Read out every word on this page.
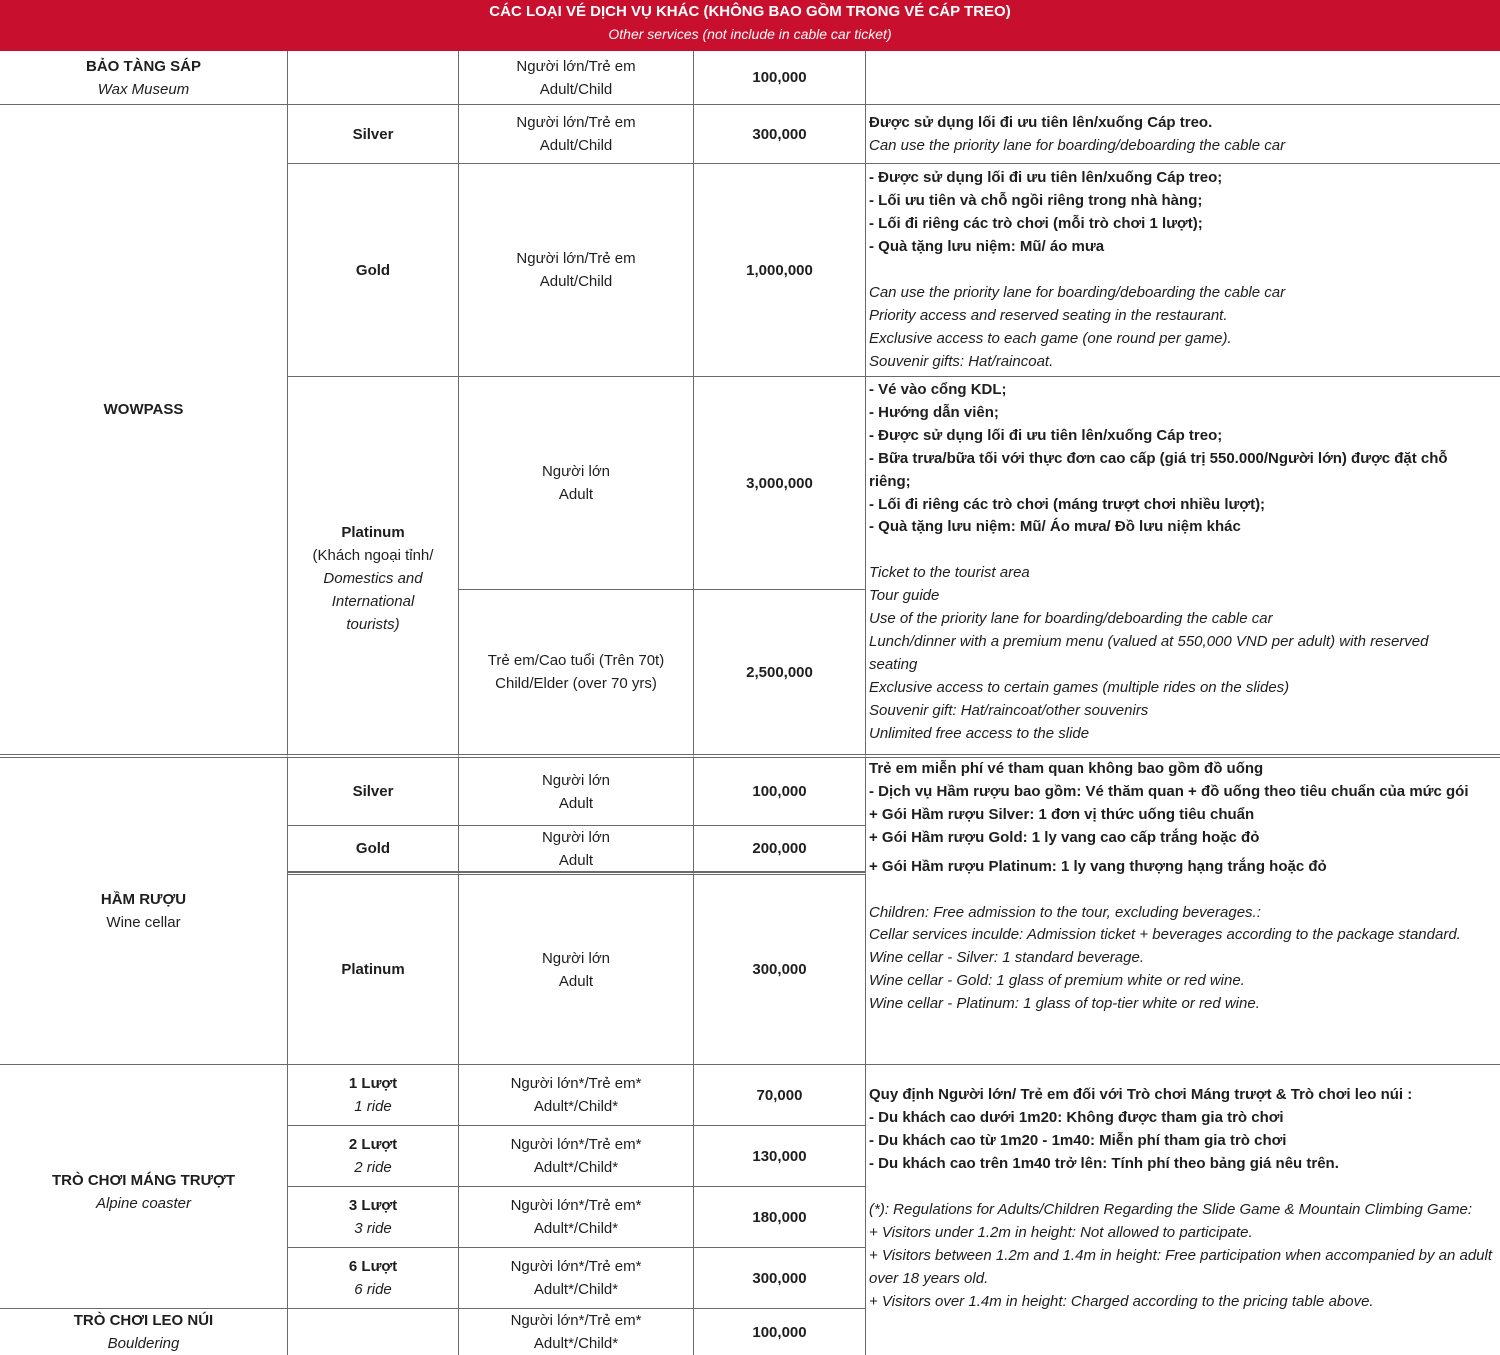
CÁC LOẠI VÉ DỊCH VỤ KHÁC (KHÔNG BAO GỒM TRONG VÉ CÁP TREO)
Other services (not include in cable car ticket)
BẢO TÀNG SÁP
Wax Museum
Người lớn/Trẻ em
Adult/Child
100,000
WOWPASS
Silver
Người lớn/Trẻ em
Adult/Child
300,000
Được sử dụng lối đi ưu tiên lên/xuống Cáp treo.
Can use the priority lane for boarding/deboarding the cable car
Gold
Người lớn/Trẻ em
Adult/Child
1,000,000
- Được sử dụng lối đi ưu tiên lên/xuống Cáp treo;
- Lối ưu tiên và chỗ ngồi riêng trong nhà hàng;
- Lối đi riêng các trò chơi (mỗi trò chơi 1 lượt);
- Quà tặng lưu niệm: Mũ/ áo mưa
Can use the priority lane for boarding/deboarding the cable car
Priority access and reserved seating in the restaurant.
Exclusive access to each game (one round per game).
Souvenir gifts: Hat/raincoat.
Platinum
(Khách ngoại tỉnh/
Domestics and International tourists)
Người lớn
Adult
3,000,000
Trẻ em/Cao tuổi (Trên 70t)
Child/Elder (over 70 yrs)
2,500,000
- Vé vào cổng KDL;
- Hướng dẫn viên;
- Được sử dụng lối đi ưu tiên lên/xuống Cáp treo;
- Bữa trưa/bữa tối với thực đơn cao cấp (giá trị 550.000/Người lớn) được đặt chỗ riêng;
- Lối đi riêng các trò chơi (máng trượt chơi nhiều lượt);
- Quà tặng lưu niệm: Mũ/ Áo mưa/ Đồ lưu niệm khác
Ticket to the tourist area
Tour guide
Use of the priority lane for boarding/deboarding the cable car
Lunch/dinner with a premium menu (valued at 550,000 VND per adult) with reserved seating
Exclusive access to certain games (multiple rides on the slides)
Souvenir gift: Hat/raincoat/other souvenirs
Unlimited free access to the slide
HẦM RƯỢU
Wine cellar
Silver
Người lớn
Adult
100,000
Gold
Người lớn
Adult
200,000
Platinum
Người lớn
Adult
300,000
Trẻ em miễn phí vé tham quan không bao gồm đồ uống
- Dịch vụ Hầm rượu bao gồm: Vé thăm quan + đồ uống theo tiêu chuẩn của mức gói
+ Gói Hầm rượu Silver: 1 đơn vị thức uống tiêu chuẩn
+ Gói Hầm rượu Gold: 1 ly vang cao cấp trắng hoặc đỏ
+ Gói Hầm rượu Platinum: 1 ly vang thượng hạng trắng hoặc đỏ
Children: Free admission to the tour, excluding beverages.:
Cellar services inculde: Admission ticket + beverages according to the package standard.
Wine cellar - Silver: 1 standard beverage.
Wine cellar - Gold: 1 glass of premium white or red wine.
Wine cellar - Platinum: 1 glass of top-tier white or red wine.
TRÒ CHƠI MÁNG TRƯỢT
Alpine coaster
1 Lượt
1 ride
Người lớn*/Trẻ em*
Adult*/Child*
70,000
2 Lượt
2 ride
Người lớn*/Trẻ em*
Adult*/Child*
130,000
3 Lượt
3 ride
Người lớn*/Trẻ em*
Adult*/Child*
180,000
6 Lượt
6 ride
Người lớn*/Trẻ em*
Adult*/Child*
300,000
TRÒ CHƠI LEO NÚI
Bouldering
Người lớn*/Trẻ em*
Adult*/Child*
100,000
Quy định Người lớn/ Trẻ em đối với Trò chơi Máng trượt & Trò chơi leo núi :
- Du khách cao dưới 1m20: Không được tham gia trò chơi
- Du khách cao từ 1m20 - 1m40: Miễn phí tham gia trò chơi
- Du khách cao trên 1m40 trở lên: Tính phí theo bảng giá nêu trên.
(*): Regulations for Adults/Children Regarding the Slide Game & Mountain Climbing Game:
+ Visitors under 1.2m in height: Not allowed to participate.
+ Visitors between 1.2m and 1.4m in height: Free participation when accompanied by an adult over 18 years old.
+ Visitors over 1.4m in height: Charged according to the pricing table above.
